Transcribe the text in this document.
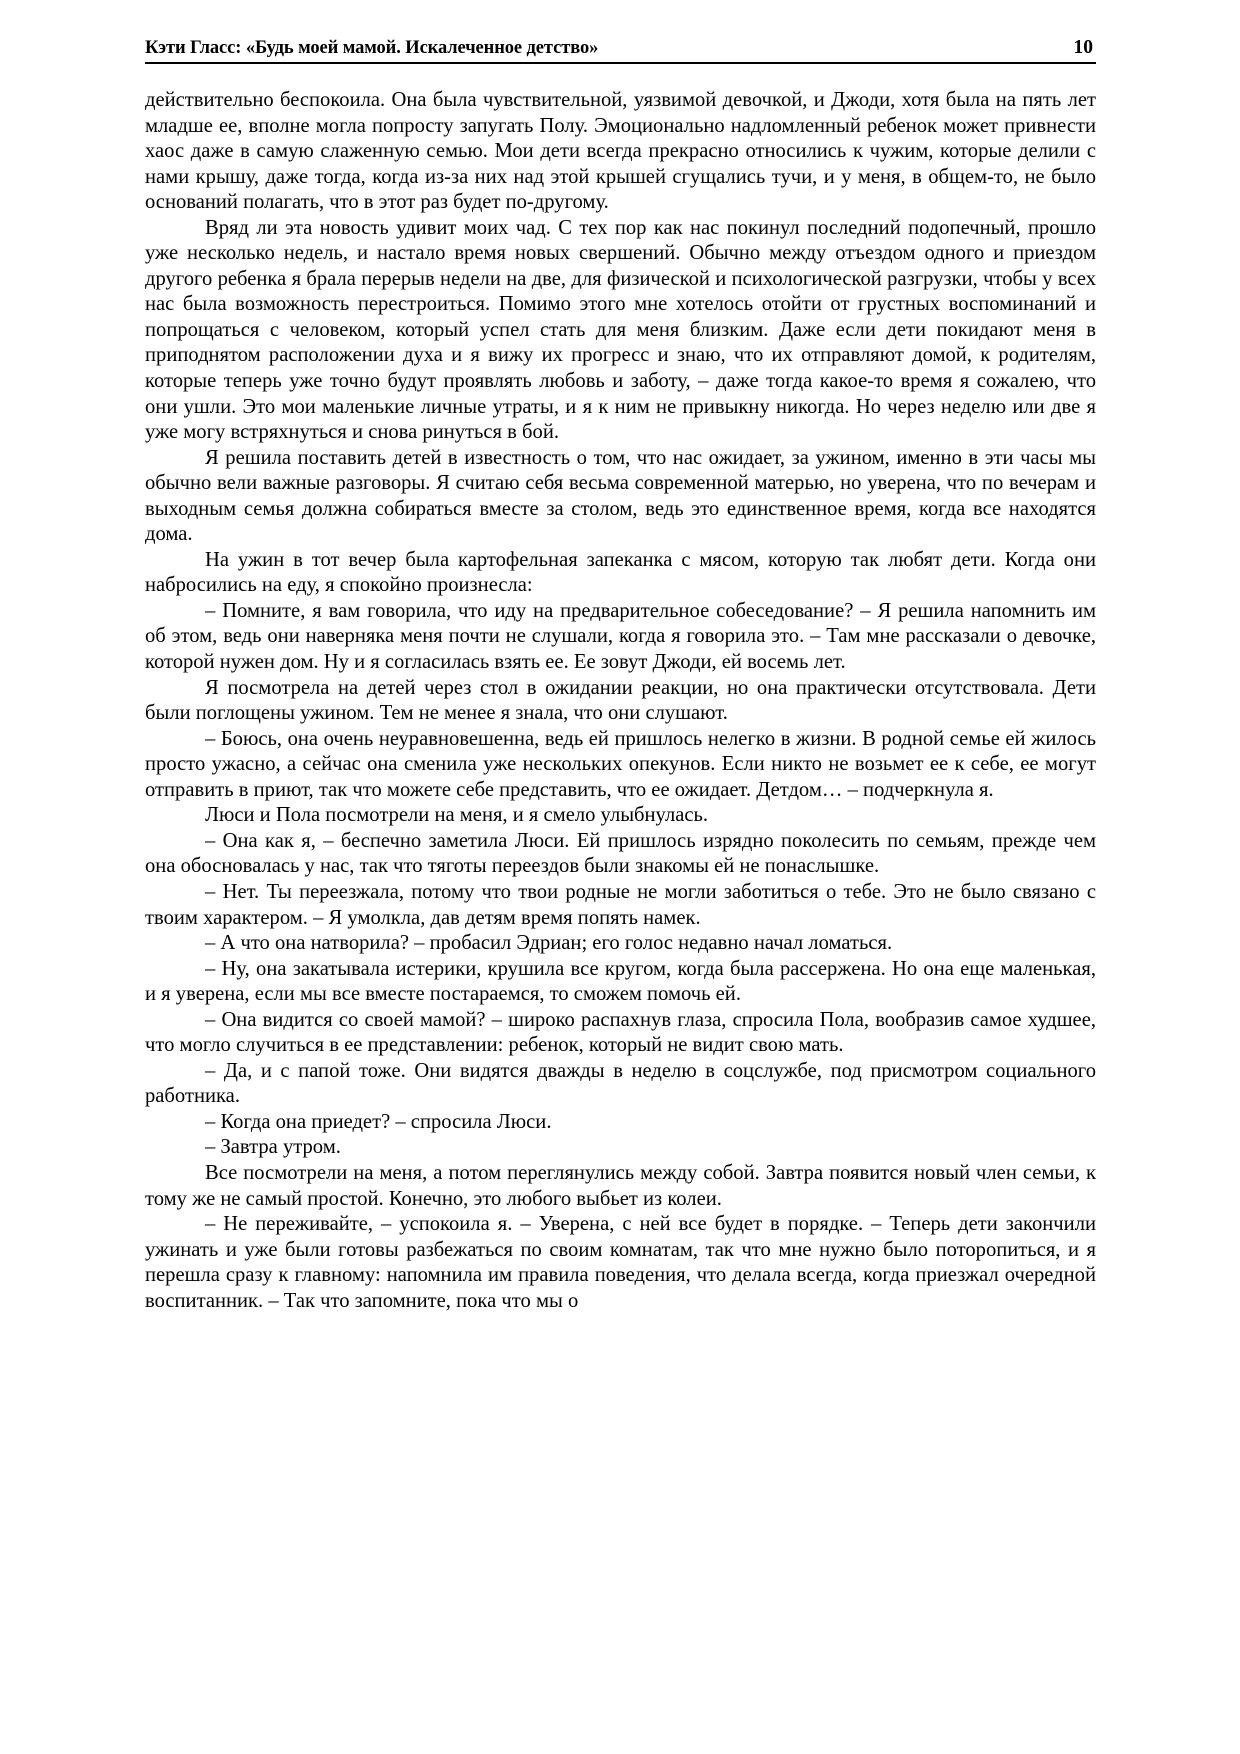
Кэти Гласс: «Будь моей мамой. Искалеченное детство»	10

действительно беспокоила. Она была чувствительной, уязвимой девочкой, и Джоди, хотя была на пять лет младше ее, вполне могла попросту запугать Полу. Эмоционально надломленный ребенок может привнести хаос даже в самую слаженную семью. Мои дети всегда прекрасно относились к чужим, которые делили с нами крышу, даже тогда, когда из-за них над этой крышей сгущались тучи, и у меня, в общем-то, не было оснований полагать, что в этот раз будет по-другому.

Вряд ли эта новость удивит моих чад. С тех пор как нас покинул последний подопечный, прошло уже несколько недель, и настало время новых свершений. Обычно между отъездом одного и приездом другого ребенка я брала перерыв недели на две, для физической и психологической разгрузки, чтобы у всех нас была возможность перестроиться. Помимо этого мне хотелось отойти от грустных воспоминаний и попрощаться с человеком, который успел стать для меня близким. Даже если дети покидают меня в приподнятом расположении духа и я вижу их прогресс и знаю, что их отправляют домой, к родителям, которые теперь уже точно будут проявлять любовь и заботу, – даже тогда какое-то время я сожалею, что они ушли. Это мои маленькие личные утраты, и я к ним не привыкну никогда. Но через неделю или две я уже могу встряхнуться и снова ринуться в бой.

Я решила поставить детей в известность о том, что нас ожидает, за ужином, именно в эти часы мы обычно вели важные разговоры. Я считаю себя весьма современной матерью, но уверена, что по вечерам и выходным семья должна собираться вместе за столом, ведь это единственное время, когда все находятся дома.

На ужин в тот вечер была картофельная запеканка с мясом, которую так любят дети. Когда они набросились на еду, я спокойно произнесла:

– Помните, я вам говорила, что иду на предварительное собеседование? – Я решила напомнить им об этом, ведь они наверняка меня почти не слушали, когда я говорила это. – Там мне рассказали о девочке, которой нужен дом. Ну и я согласилась взять ее. Ее зовут Джоди, ей восемь лет.

Я посмотрела на детей через стол в ожидании реакции, но она практически отсутствовала. Дети были поглощены ужином. Тем не менее я знала, что они слушают.

– Боюсь, она очень неуравновешенна, ведь ей пришлось нелегко в жизни. В родной семье ей жилось просто ужасно, а сейчас она сменила уже нескольких опекунов. Если никто не возьмет ее к себе, ее могут отправить в приют, так что можете себе представить, что ее ожидает. Детдом… – подчеркнула я.

Люси и Пола посмотрели на меня, и я смело улыбнулась.

– Она как я, – беспечно заметила Люси. Ей пришлось изрядно поколесить по семьям, прежде чем она обосновалась у нас, так что тяготы переездов были знакомы ей не понаслышке.

– Нет. Ты переезжала, потому что твои родные не могли заботиться о тебе. Это не было связано с твоим характером. – Я умолкла, дав детям время попять намек.

– А что она натворила? – пробасил Эдриан; его голос недавно начал ломаться.

– Ну, она закатывала истерики, крушила все кругом, когда была рассержена. Но она еще маленькая, и я уверена, если мы все вместе постараемся, то сможем помочь ей.

– Она видится со своей мамой? – широко распахнув глаза, спросила Пола, вообразив самое худшее, что могло случиться в ее представлении: ребенок, который не видит свою мать.

– Да, и с папой тоже. Они видятся дважды в неделю в соцслужбе, под присмотром социального работника.

– Когда она приедет? – спросила Люси.

– Завтра утром.

Все посмотрели на меня, а потом переглянулись между собой. Завтра появится новый член семьи, к тому же не самый простой. Конечно, это любого выбьет из колеи.

– Не переживайте, – успокоила я. – Уверена, с ней все будет в порядке. – Теперь дети закончили ужинать и уже были готовы разбежаться по своим комнатам, так что мне нужно было поторопиться, и я перешла сразу к главному: напомнила им правила поведения, что делала всегда, когда приезжал очередной воспитанник. – Так что запомните, пока что мы о
